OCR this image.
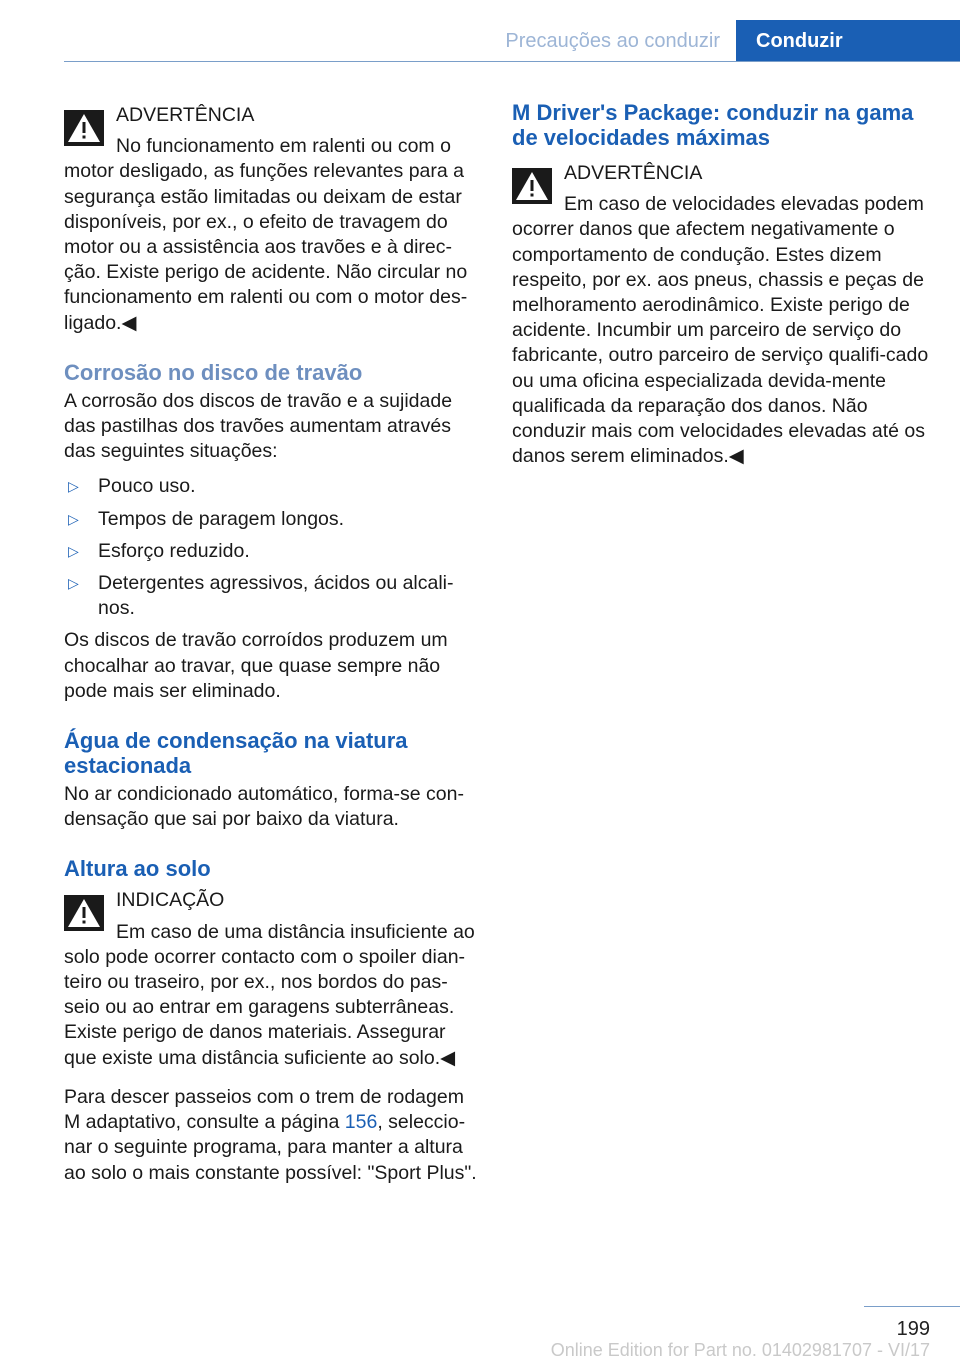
Precauções ao conduzir	Conduzir
ADVERTÊNCIA
No funcionamento em ralenti ou com o

motor desligado, as funções relevantes para a segurança estão limitadas ou deixam de estar disponíveis, por ex., o efeito de travagem do motor ou a assistência aos travões e à direc-ção. Existe perigo de acidente. Não circular no funcionamento em ralenti ou com o motor des-ligado.◀

Corrosão no disco de travão

A corrosão dos discos de travão e a sujidade das pastilhas dos travões aumentam através das seguintes situações:

▷ Pouco uso.
▷ Tempos de paragem longos.
▷ Esforço reduzido.
▷ Detergentes agressivos, ácidos ou alcali-nos.

Os discos de travão corroídos produzem um chocalhar ao travar, que quase sempre não pode mais ser eliminado.

Água de condensação na viatura estacionada

No ar condicionado automático, forma-se con-densação que sai por baixo da viatura.

Altura ao solo
INDICAÇÃO
Em caso de uma distância insuficiente ao

solo pode ocorrer contacto com o spoiler dian-teiro ou traseiro, por ex., nos bordos do pas-seio ou ao entrar em garagens subterrâneas. Existe perigo de danos materiais. Assegurar que existe uma distância suficiente ao solo.◀

Para descer passeios com o trem de rodagem M adaptativo, consulte a página 156, seleccio-nar o seguinte programa, para manter a altura ao solo o mais constante possível: "Sport Plus".

M Driver's Package: conduzir na gama de velocidades máximas
ADVERTÊNCIA
Em caso de velocidades elevadas podem

ocorrer danos que afectem negativamente o comportamento de condução. Estes dizem respeito, por ex. aos pneus, chassis e peças de melhoramento aerodinâmico. Existe perigo de acidente. Incumbir um parceiro de serviço do fabricante, outro parceiro de serviço qualifi-cado ou uma oficina especializada devida-mente qualificada da reparação dos danos. Não conduzir mais com velocidades elevadas até os danos serem eliminados.◀

199
Online Edition for Part no. 01402981707 - VI/17
